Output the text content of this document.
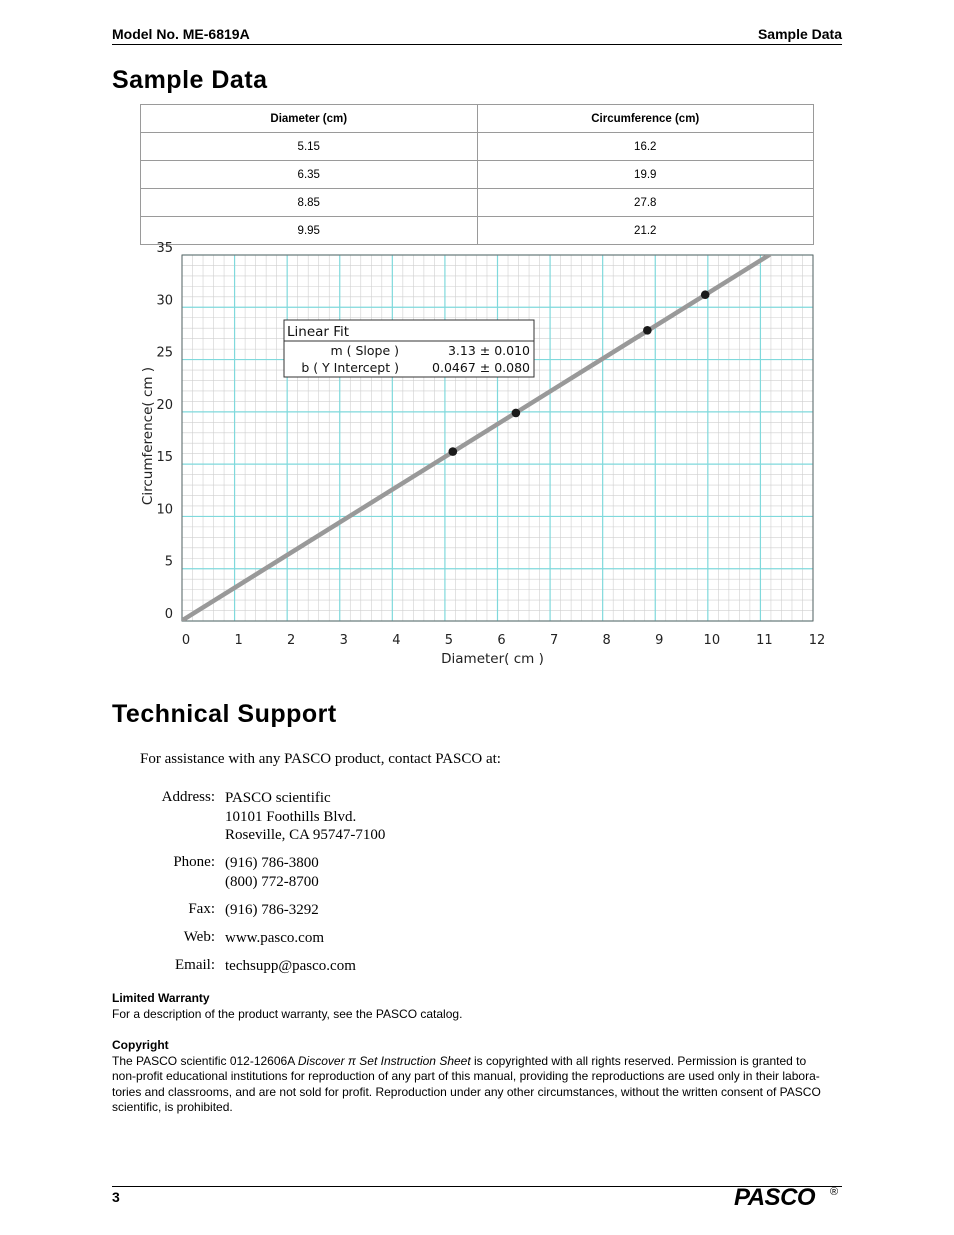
Model No. ME-6819A	Sample Data
Sample Data
Diameter (cm)	Circumference (cm)
5.15	16.2
6.35	19.9
8.85	27.8
9.95	21.2
0	1	2	3	4	5	6	7	8	9	10	11	12
0
5
10
15
20
25
30
35
Diameter( cm )
Circumference( cm )
Linear Fit
m ( Slope )	3.13 ± 0.010
b ( Y Intercept )	0.0467 ± 0.080
Technical Support
For assistance with any PASCO product, contact PASCO at:
Address: PASCO scientific
10101 Foothills Blvd.
Roseville, CA 95747-7100
Phone: (916) 786-3800
(800) 772-8700
Fax: (916) 786-3292
Web: www.pasco.com
Email: techsupp@pasco.com
Limited Warranty
For a description of the product warranty, see the PASCO catalog.
Copyright
The PASCO scientific 012-12606A Discover π Set Instruction Sheet is copyrighted with all rights reserved. Permission is granted to
non-profit educational institutions for reproduction of any part of this manual, providing the reproductions are used only in their labora-
tories and classrooms, and are not sold for profit. Reproduction under any other circumstances, without the written consent of PASCO
scientific, is prohibited.
3	PASCO ®
